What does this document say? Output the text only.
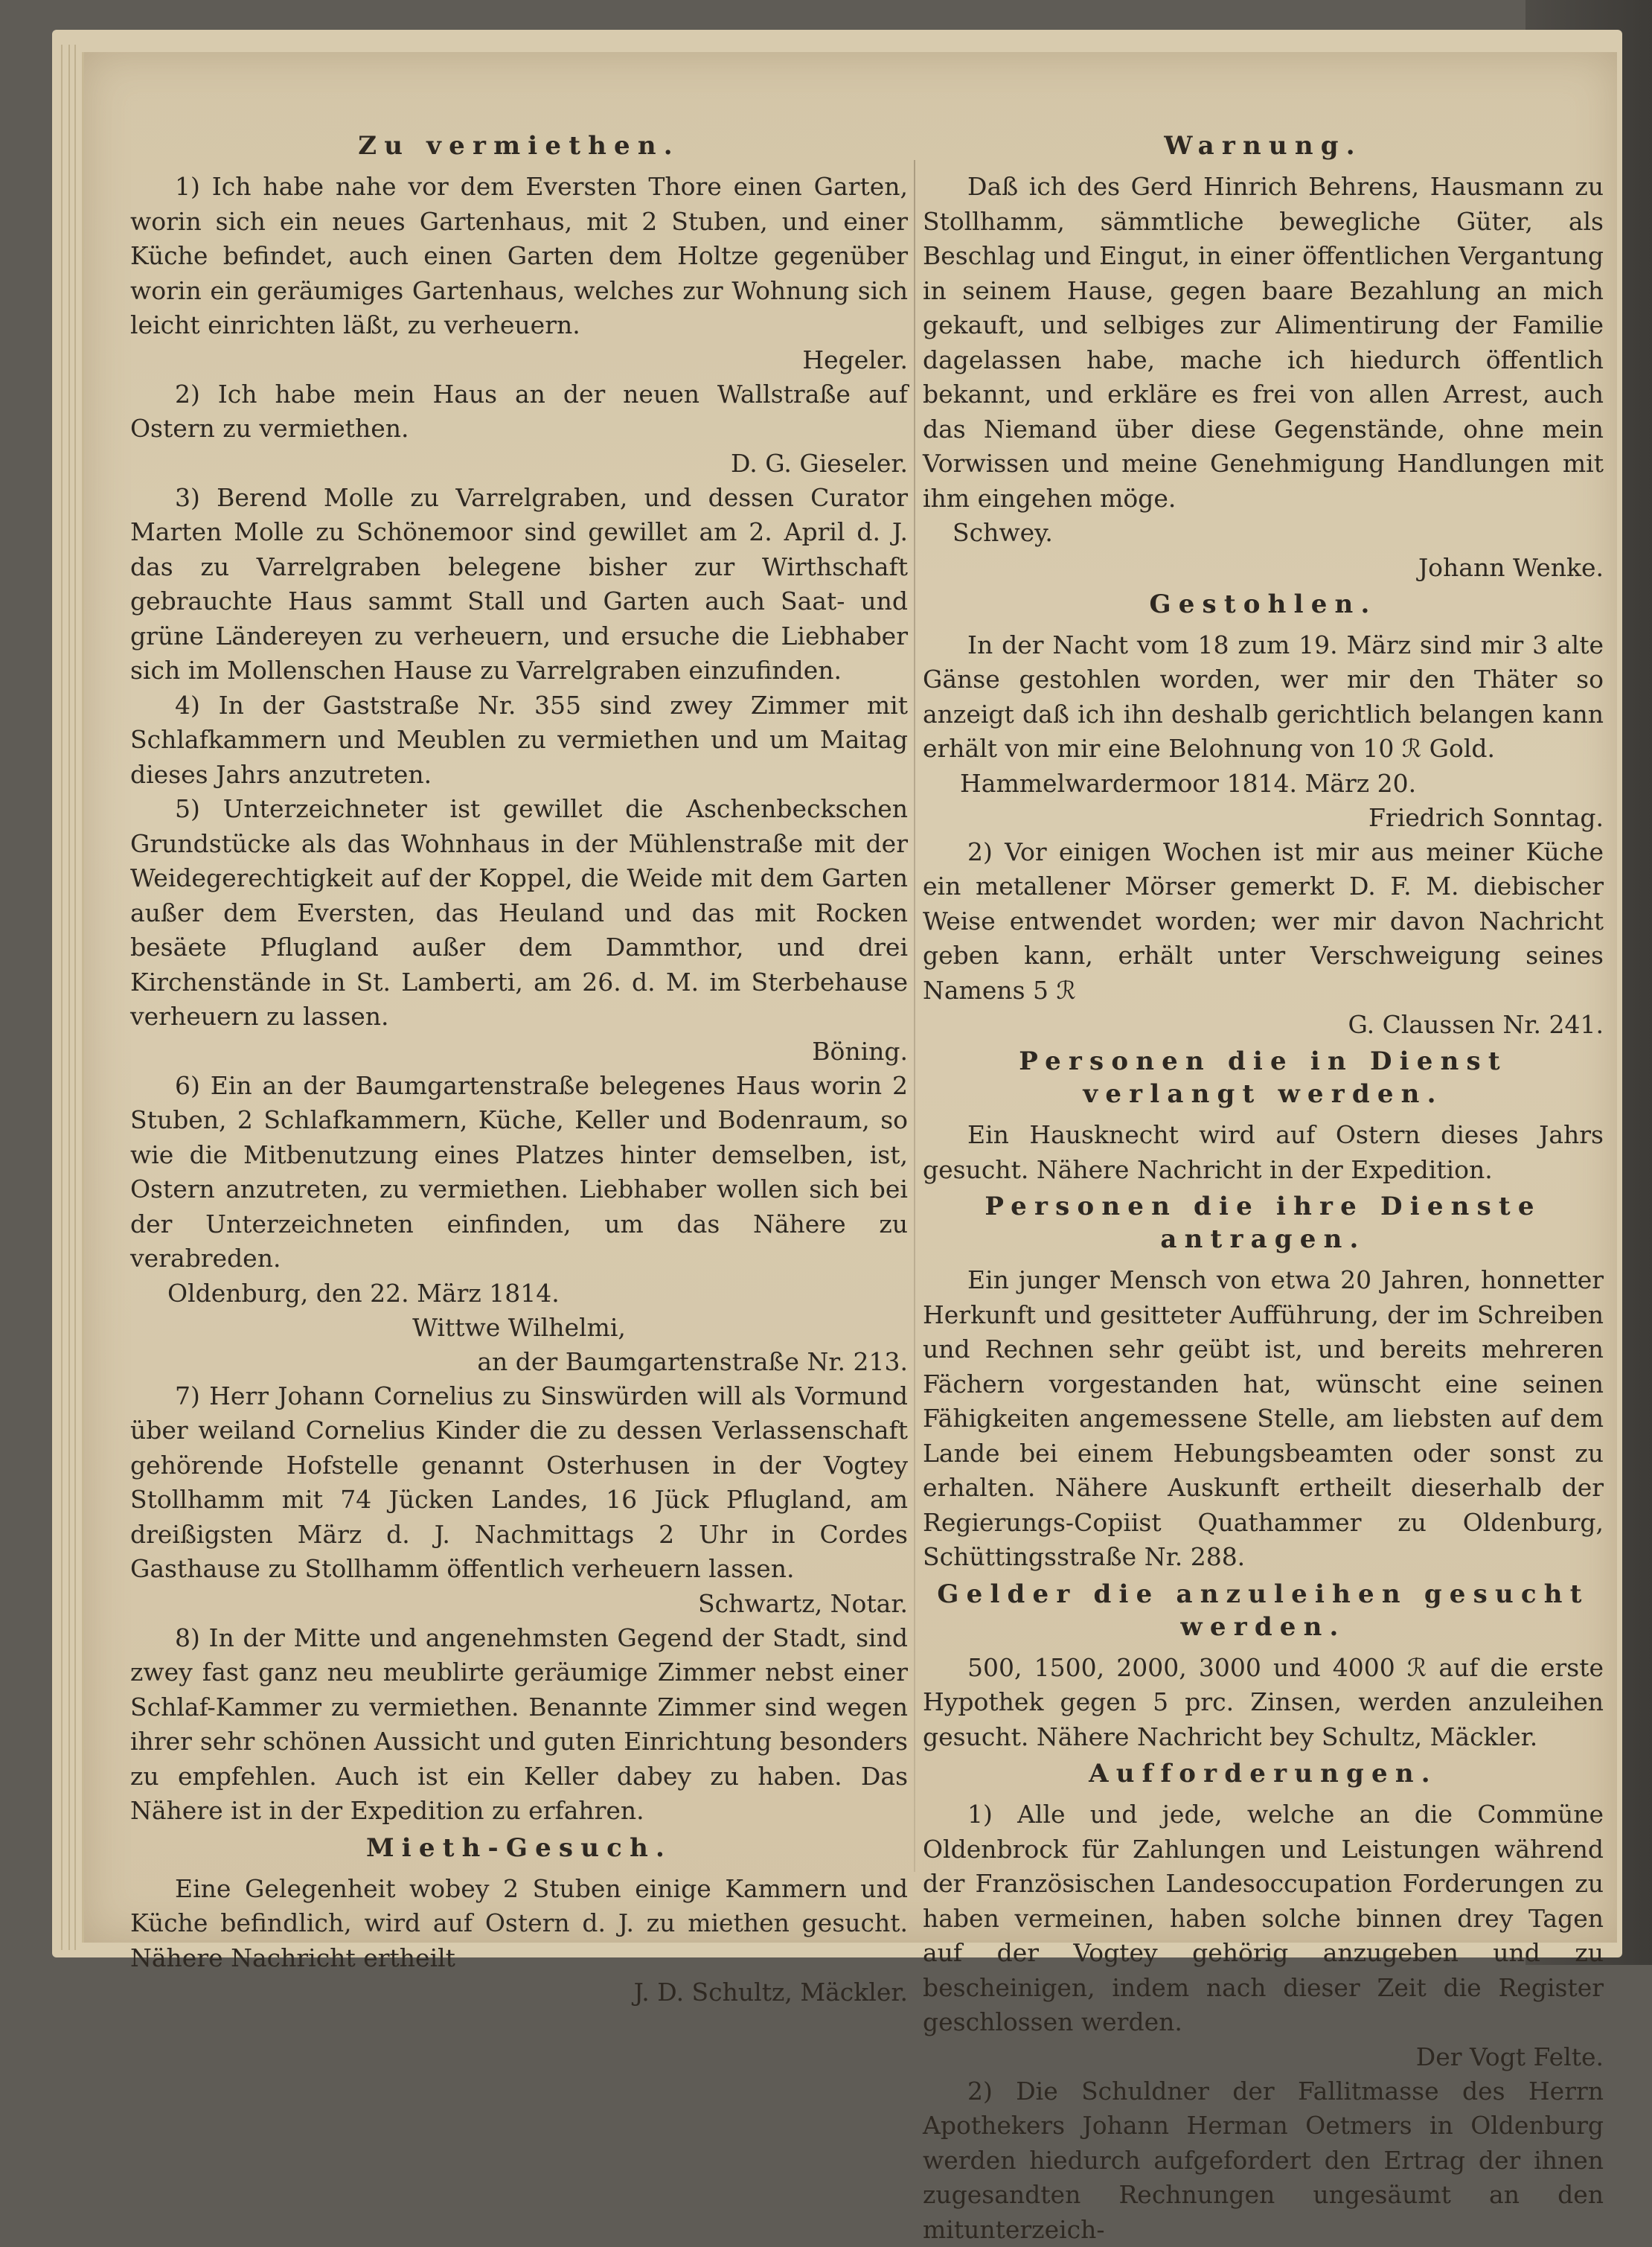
Zu vermiethen.

1) Ich habe nahe vor dem Eversten Thore einen Garten, worin sich ein neues Gartenhaus, mit 2 Stuben, und einer Küche befindet, auch einen Garten dem Holtze gegenüber worin ein geräumiges Gartenhaus, welches zur Wohnung sich leicht einrichten läßt, zu verheuern.

Hegeler.

2) Ich habe mein Haus an der neuen Wallstraße auf Ostern zu vermiethen.

D. G. Gieseler.

3) Berend Molle zu Varrelgraben, und dessen Curator Marten Molle zu Schönemoor sind gewillet am 2. April d. J. das zu Varrelgraben belegene bisher zur Wirthschaft gebrauchte Haus sammt Stall und Garten auch Saat- und grüne Ländereyen zu verheuern, und ersuche die Liebhaber sich im Mollenschen Hause zu Varrelgraben einzufinden.

4) In der Gaststraße Nr. 355 sind zwey Zimmer mit Schlafkammern und Meublen zu vermiethen und um Maitag dieses Jahrs anzutreten.

5) Unterzeichneter ist gewillet die Aschenbeckschen Grundstücke als das Wohnhaus in der Mühlenstraße mit der Weidegerechtigkeit auf der Koppel, die Weide mit dem Garten außer dem Eversten, das Heuland und das mit Rocken besäete Pflugland außer dem Dammthor, und drei Kirchenstände in St. Lamberti, am 26. d. M. im Sterbehause verheuern zu lassen.

Böning.

6) Ein an der Baumgartenstraße belegenes Haus worin 2 Stuben, 2 Schlafkammern, Küche, Keller und Bodenraum, so wie die Mitbenutzung eines Platzes hinter demselben, ist, Ostern anzutreten, zu vermiethen. Liebhaber wollen sich bei der Unterzeichneten einfinden, um das Nähere zu verabreden.

Oldenburg, den 22. März 1814.

Wittwe Wilhelmi,

an der Baumgartenstraße Nr. 213.

7) Herr Johann Cornelius zu Sinswürden will als Vormund über weiland Cornelius Kinder die zu dessen Verlassenschaft gehörende Hofstelle genannt Osterhusen in der Vogtey Stollhamm mit 74 Jücken Landes, 16 Jück Pflugland, am dreißigsten März d. J. Nachmittags 2 Uhr in Cordes Gasthause zu Stollhamm öffentlich verheuern lassen.

Schwartz, Notar.

8) In der Mitte und angenehmsten Gegend der Stadt, sind zwey fast ganz neu meublirte geräumige Zimmer nebst einer Schlaf-Kammer zu vermiethen. Benannte Zimmer sind wegen ihrer sehr schönen Aussicht und guten Einrichtung besonders zu empfehlen. Auch ist ein Keller dabey zu haben. Das Nähere ist in der Expedition zu erfahren.

Mieth-Gesuch.

Eine Gelegenheit wobey 2 Stuben einige Kammern und Küche befindlich, wird auf Ostern d. J. zu miethen gesucht. Nähere Nachricht ertheilt

J. D. Schultz, Mäckler.

Warnung.

Daß ich des Gerd Hinrich Behrens, Hausmann zu Stollhamm, sämmtliche bewegliche Güter, als Beschlag und Eingut, in einer öffentlichen Vergantung in seinem Hause, gegen baare Bezahlung an mich gekauft, und selbiges zur Alimentirung der Familie dagelassen habe, mache ich hiedurch öffentlich bekannt, und erkläre es frei von allen Arrest, auch das Niemand über diese Gegenstände, ohne mein Vorwissen und meine Genehmigung Handlungen mit ihm eingehen möge.

Schwey.

Johann Wenke.

Gestohlen.

In der Nacht vom 18 zum 19. März sind mir 3 alte Gänse gestohlen worden, wer mir den Thäter so anzeigt daß ich ihn deshalb gerichtlich belangen kann erhält von mir eine Belohnung von 10 ℛ Gold.

Hammelwardermoor 1814. März 20.

Friedrich Sonntag.

2) Vor einigen Wochen ist mir aus meiner Küche ein metallener Mörser gemerkt D. F. M. diebischer Weise entwendet worden; wer mir davon Nachricht geben kann, erhält unter Verschweigung seines Namens 5 ℛ

G. Claussen Nr. 241.

Personen die in Dienst verlangt werden.

Ein Hausknecht wird auf Ostern dieses Jahrs gesucht. Nähere Nachricht in der Expedition.

Personen die ihre Dienste antragen.

Ein junger Mensch von etwa 20 Jahren, honnetter Herkunft und gesitteter Aufführung, der im Schreiben und Rechnen sehr geübt ist, und bereits mehreren Fächern vorgestanden hat, wünscht eine seinen Fähigkeiten angemessene Stelle, am liebsten auf dem Lande bei einem Hebungsbeamten oder sonst zu erhalten. Nähere Auskunft ertheilt dieserhalb der Regierungs-Copiist Quathammer zu Oldenburg, Schüttingsstraße Nr. 288.

Gelder die anzuleihen gesucht werden.

500, 1500, 2000, 3000 und 4000 ℛ auf die erste Hypothek gegen 5 prc. Zinsen, werden anzuleihen gesucht. Nähere Nachricht bey Schultz, Mäckler.

Aufforderungen.

1) Alle und jede, welche an die Commüne Oldenbrock für Zahlungen und Leistungen während der Französischen Landesoccupation Forderungen zu haben vermeinen, haben solche binnen drey Tagen auf der Vogtey gehörig anzugeben und zu bescheinigen, indem nach dieser Zeit die Register geschlossen werden.

Der Vogt Felte.

2) Die Schuldner der Fallitmasse des Herrn Apothekers Johann Herman Oetmers in Oldenburg werden hiedurch aufgefordert den Ertrag der ihnen zugesandten Rechnungen ungesäumt an den mitunterzeich-
